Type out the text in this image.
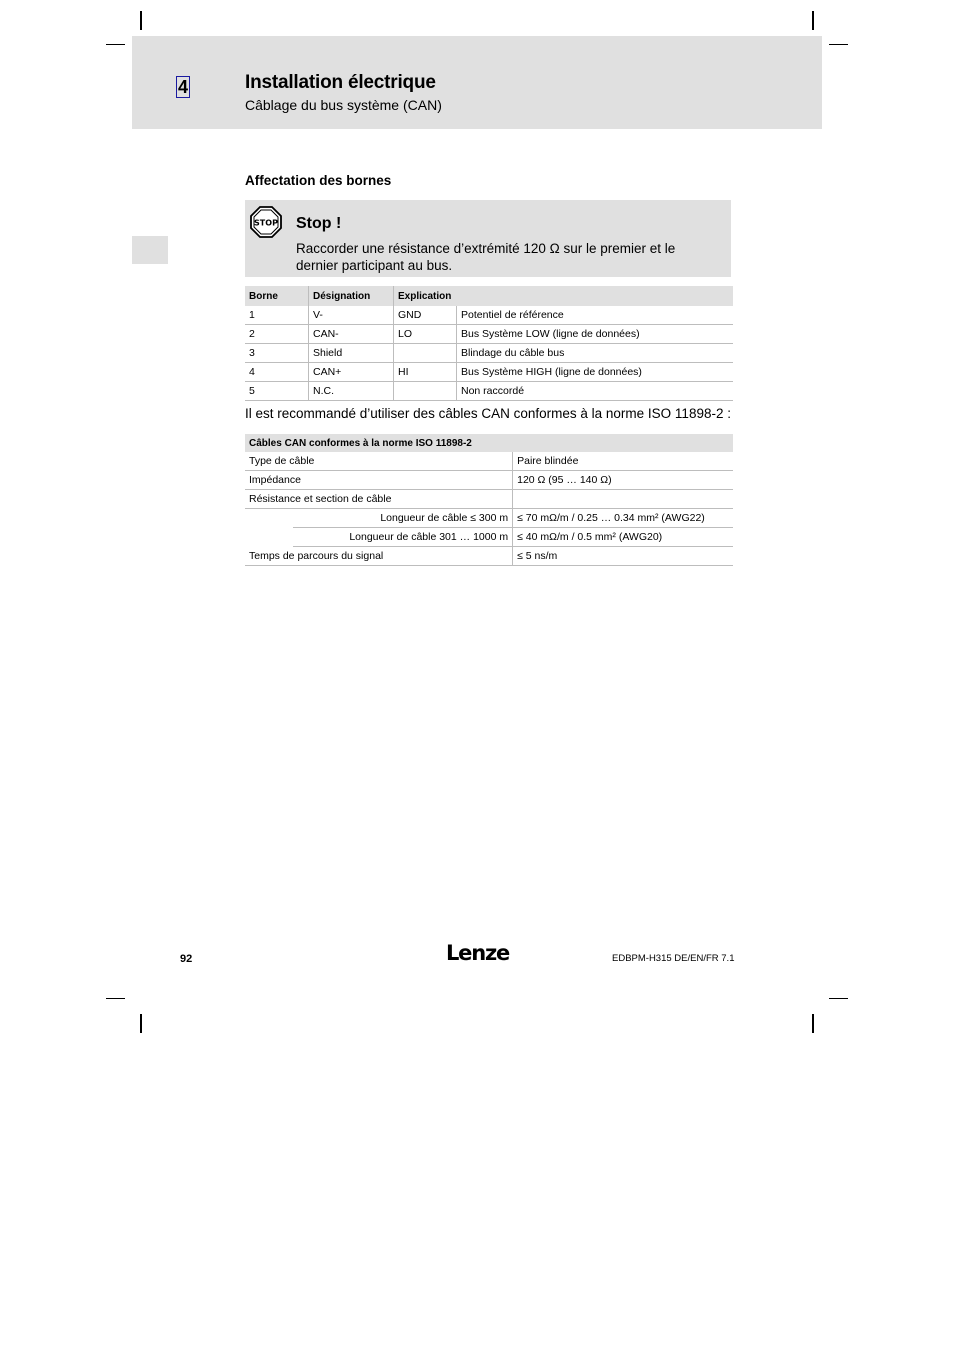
4	Installation électrique
Câblage du bus système (CAN)
Affectation des bornes
STOP Stop !
Raccorder une résistance d’extrémité 120 Ω sur le premier et le dernier participant au bus.
Borne	Désignation	Explication	
1	V-	GND	Potentiel de référence
2	CAN-	LO	Bus Système LOW (ligne de données)
3	Shield		Blindage du câble bus
4	CAN+	HI	Bus Système HIGH (ligne de données)
5	N.C.		Non raccordé
Il est recommandé d’utiliser des câbles CAN conformes à la norme ISO 11898-2 :
Câbles CAN conformes à la norme ISO 11898-2		
Type de câble		Paire blindée
Impédance		120 Ω (95 … 140 Ω)
Résistance et section de câble		
	Longueur de câble ≤ 300 m	≤ 70 mΩ/m / 0.25 … 0.34 mm² (AWG22)
	Longueur de câble 301 … 1000 m	≤ 40 mΩ/m / 0.5 mm² (AWG20)
Temps de parcours du signal		≤ 5 ns/m
92	Lenze	EDBPM-H315 DE/EN/FR 7.1
